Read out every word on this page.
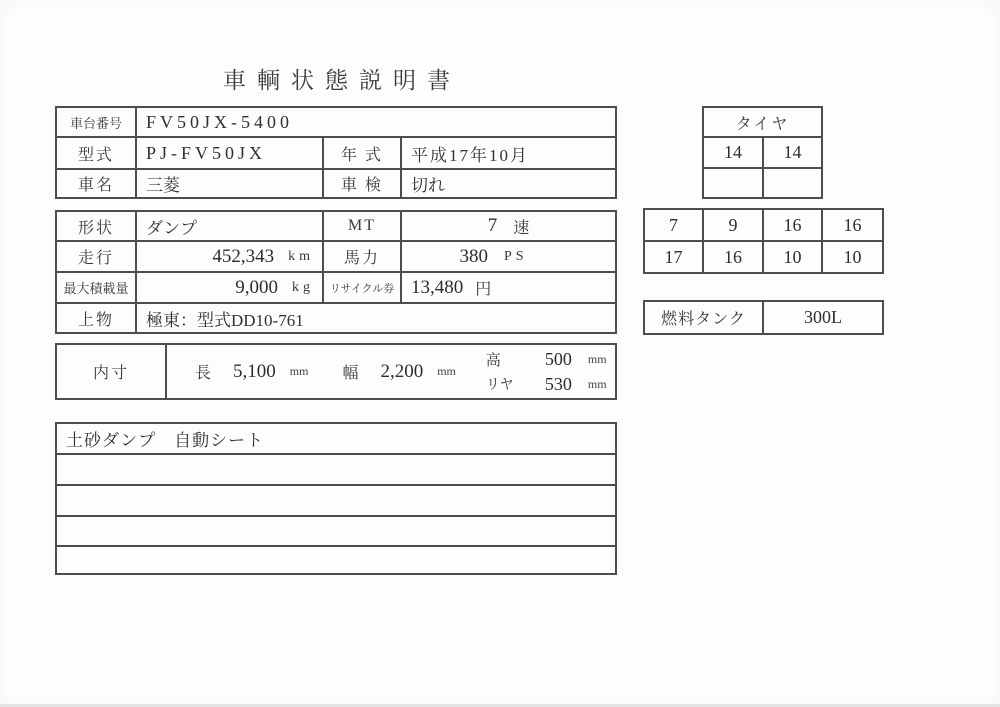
車輌状態説明書
車台番号	FV50JX-5400		
型式	PJ-FV50JX	年 式	平成17年10月
車名	三菱	車 検	切れ
形状	ダンプ	MT	7 速

走行	452,343 km	馬力	380 PS

最大積載量	9,000 kg	リサイクル券	13,480 円

上物	極東：型式DD10-761		
内寸	長 5,100 mm 幅 2,200 mm
高	500 mm
リヤ	530 mm
土砂ダンプ　自動シート

タイヤ	
14	14

7	9	16	16
17	16	10	10
燃料タンク	300L
